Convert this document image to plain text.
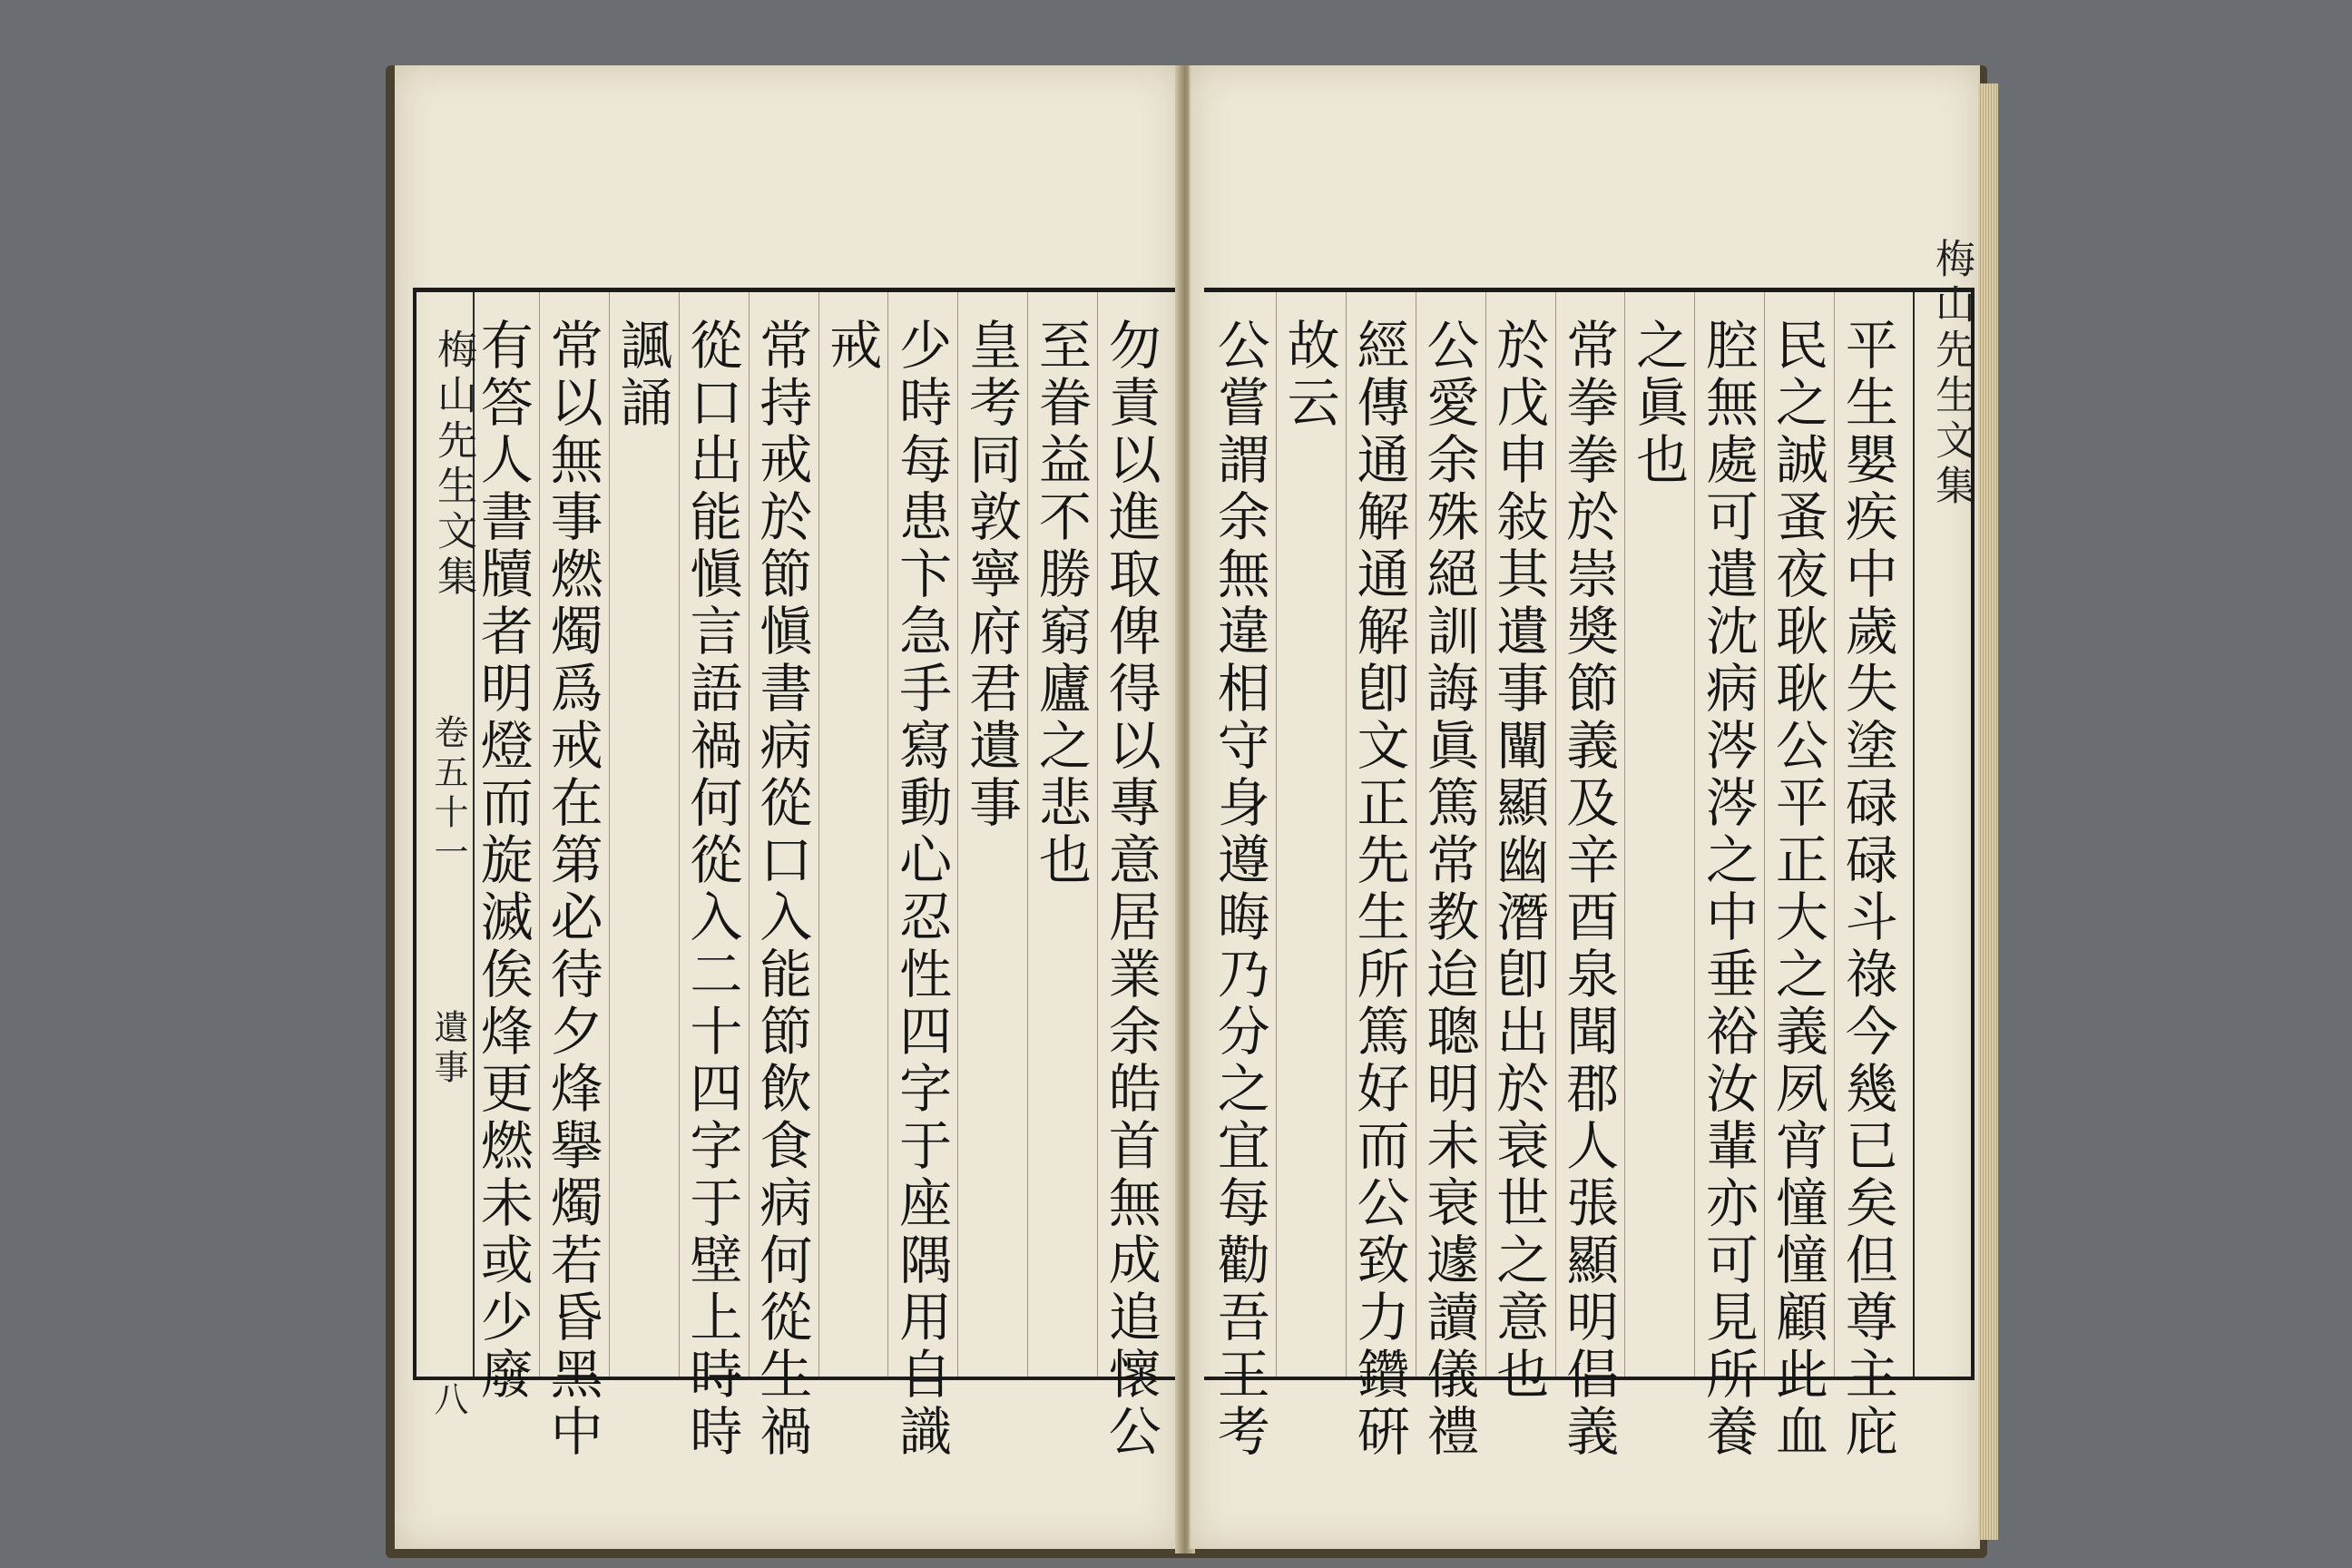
梅山先生文集
卷五十一
遺事
八	勿責以進取俾得以專意居業余皓首無成追懷公
至眷益不勝窮廬之悲也
皇考同敦寧府君遺事
少時每患卞急手寫動心忍性四字于座隅用自識
戒
常持戒於節愼書病從口入能節飲食病何從生禍
從口出能愼言語禍何從入二十四字于壁上時時
諷誦
常以無事燃燭爲戒在第必待夕烽擧燭若昏黑中
有答人書牘者明燈而旋滅俟烽更燃未或少廢	梅山先生文集
平生嬰疾中歲失塗碌碌斗祿今幾已矣但尊主庇
民之誠蚤夜耿耿公平正大之義夙宵憧憧顧此血
腔無處可遣沈病涔涔之中垂裕汝輩亦可見所養
之眞也
常拳拳於崇奬節義及辛酉泉聞郡人張顯明倡義
於戊申敍其遺事闡顯幽潛卽出於衰世之意也
公愛余殊絕訓誨眞篤常教迨聰明未衰遽讀儀禮
經傳通解通解卽文正先生所篤好而公致力鑽硏
故云
公嘗謂余無違相守身遵晦乃分之宜每勸吾王考
